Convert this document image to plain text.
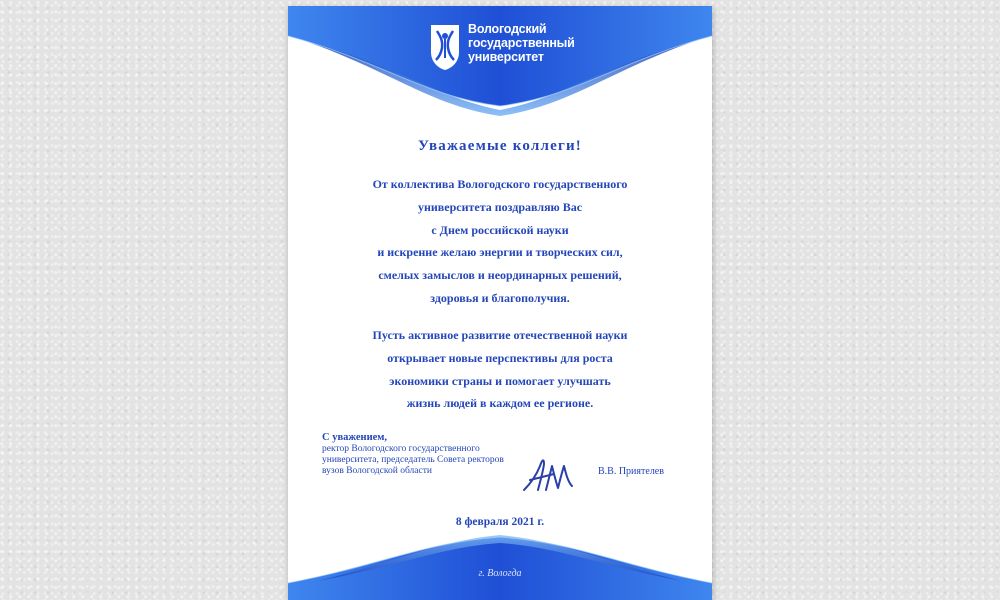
Вологодский
государственный
университет
Уважаемые коллеги!
От коллектива Вологодского государственного
университета поздравляю Вас
с Днем российской науки
и искренне желаю энергии и творческих сил,
смелых замыслов и неординарных решений,
здоровья и благополучия.
Пусть активное развитие отечественной науки
открывает новые перспективы для роста
экономики страны и помогает улучшать
жизнь людей в каждом ее регионе.
С уважением,
ректор Вологодского государственного
университета, председатель Совета ректоров
вузов Вологодской области	В.В. Приятелев
8 февраля 2021 г.
г. Вологда
